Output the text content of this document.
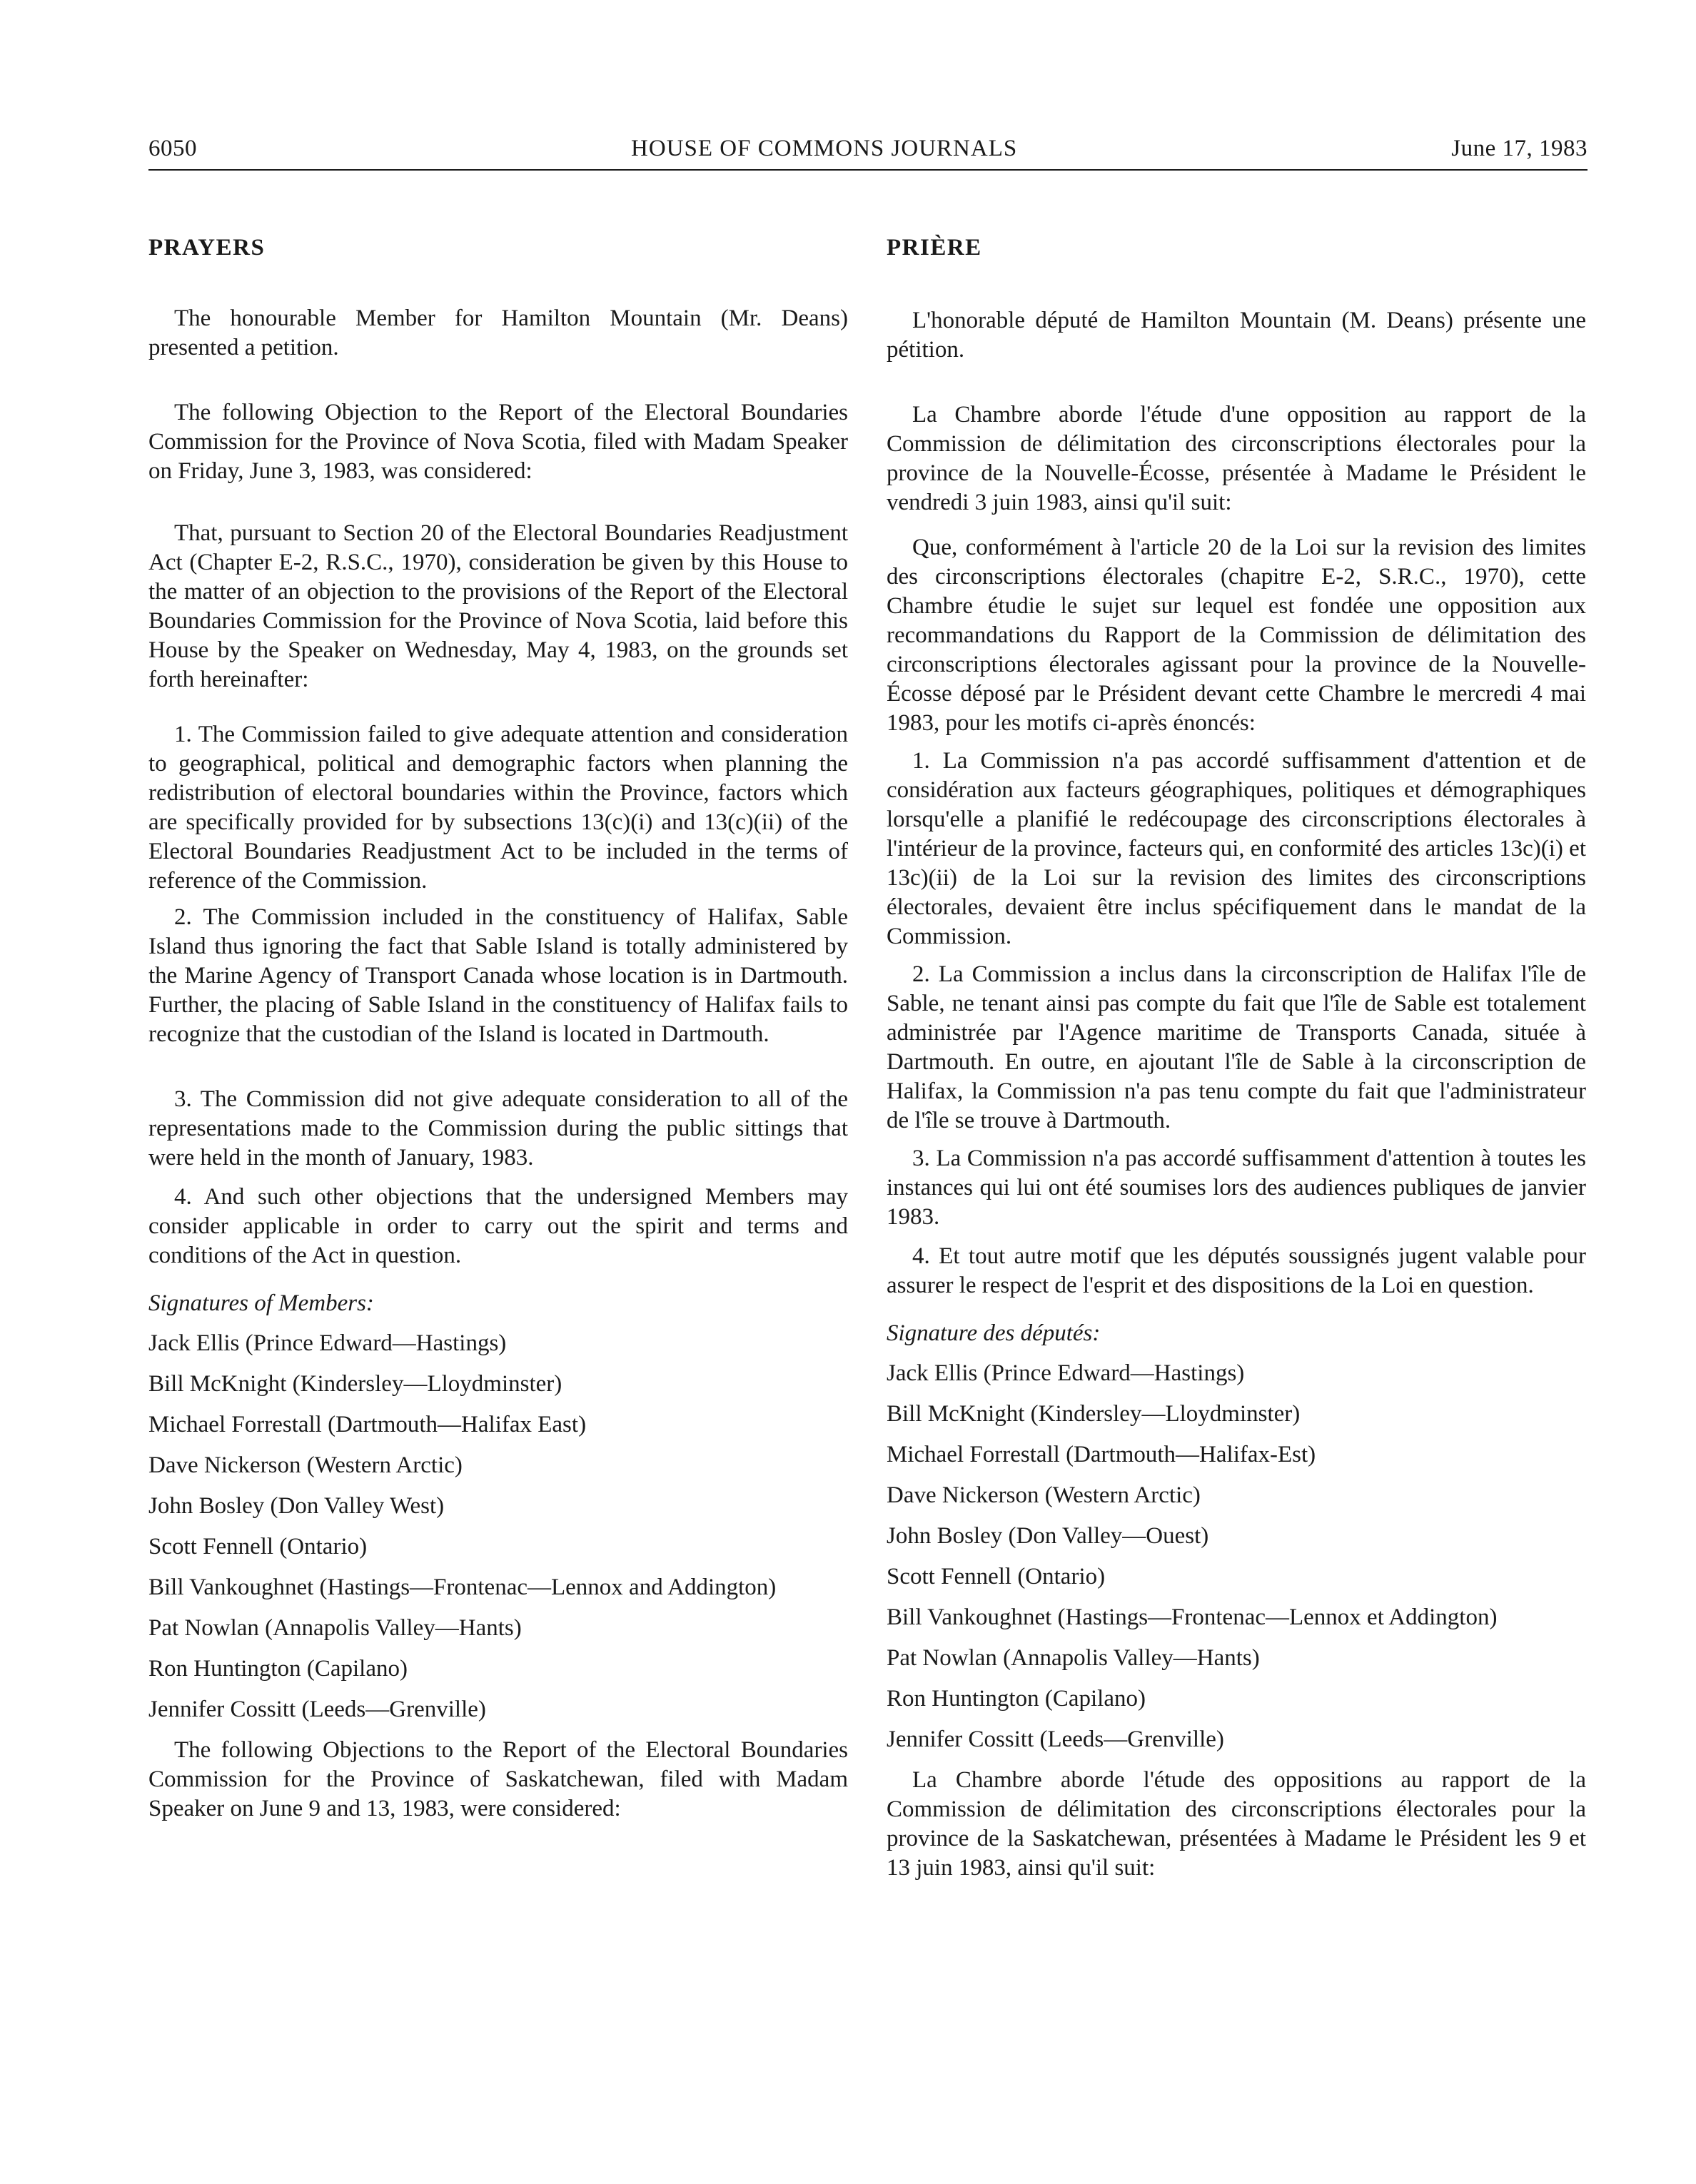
6050	HOUSE OF COMMONS JOURNALS	June 17, 1983
PRAYERS

The honourable Member for Hamilton Mountain (Mr. Deans) presented a petition.

The following Objection to the Report of the Electoral Boundaries Commission for the Province of Nova Scotia, filed with Madam Speaker on Friday, June 3, 1983, was considered:

That, pursuant to Section 20 of the Electoral Boundaries Readjustment Act (Chapter E-2, R.S.C., 1970), consideration be given by this House to the matter of an objection to the provisions of the Report of the Electoral Boundaries Commission for the Province of Nova Scotia, laid before this House by the Speaker on Wednesday, May 4, 1983, on the grounds set forth hereinafter:

1. The Commission failed to give adequate attention and consideration to geographical, political and demographic factors when planning the redistribution of electoral boundaries within the Province, factors which are specifically provided for by subsections 13(c)(i) and 13(c)(ii) of the Electoral Boundaries Readjustment Act to be included in the terms of reference of the Commission.

2. The Commission included in the constituency of Halifax, Sable Island thus ignoring the fact that Sable Island is totally administered by the Marine Agency of Transport Canada whose location is in Dartmouth. Further, the placing of Sable Island in the constituency of Halifax fails to recognize that the custodian of the Island is located in Dartmouth.

3. The Commission did not give adequate consideration to all of the representations made to the Commission during the public sittings that were held in the month of January, 1983.

4. And such other objections that the undersigned Members may consider applicable in order to carry out the spirit and terms and conditions of the Act in question.

Signatures of Members:

Jack Ellis (Prince Edward—Hastings)

Bill McKnight (Kindersley—Lloydminster)

Michael Forrestall (Dartmouth—Halifax East)

Dave Nickerson (Western Arctic)

John Bosley (Don Valley West)

Scott Fennell (Ontario)

Bill Vankoughnet (Hastings—Frontenac—Lennox and Addington)

Pat Nowlan (Annapolis Valley—Hants)

Ron Huntington (Capilano)

Jennifer Cossitt (Leeds—Grenville)

The following Objections to the Report of the Electoral Boundaries Commission for the Province of Saskatchewan, filed with Madam Speaker on June 9 and 13, 1983, were considered:

PRIÈRE

L'honorable député de Hamilton Mountain (M. Deans) présente une pétition.

La Chambre aborde l'étude d'une opposition au rapport de la Commission de délimitation des circonscriptions électorales pour la province de la Nouvelle-Écosse, présentée à Madame le Président le vendredi 3 juin 1983, ainsi qu'il suit:

Que, conformément à l'article 20 de la Loi sur la revision des limites des circonscriptions électorales (chapitre E-2, S.R.C., 1970), cette Chambre étudie le sujet sur lequel est fondée une opposition aux recommandations du Rapport de la Commission de délimitation des circonscriptions électorales agissant pour la province de la Nouvelle-Écosse déposé par le Président devant cette Chambre le mercredi 4 mai 1983, pour les motifs ci-après énoncés:

1. La Commission n'a pas accordé suffisamment d'attention et de considération aux facteurs géographiques, politiques et démographiques lorsqu'elle a planifié le redécoupage des circonscriptions électorales à l'intérieur de la province, facteurs qui, en conformité des articles 13c)(i) et 13c)(ii) de la Loi sur la revision des limites des circonscriptions électorales, devaient être inclus spécifiquement dans le mandat de la Commission.

2. La Commission a inclus dans la circonscription de Halifax l'île de Sable, ne tenant ainsi pas compte du fait que l'île de Sable est totalement administrée par l'Agence maritime de Transports Canada, située à Dartmouth. En outre, en ajoutant l'île de Sable à la circonscription de Halifax, la Commission n'a pas tenu compte du fait que l'administrateur de l'île se trouve à Dartmouth.

3. La Commission n'a pas accordé suffisamment d'attention à toutes les instances qui lui ont été soumises lors des audiences publiques de janvier 1983.

4. Et tout autre motif que les députés soussignés jugent valable pour assurer le respect de l'esprit et des dispositions de la Loi en question.

Signature des députés:

Jack Ellis (Prince Edward—Hastings)

Bill McKnight (Kindersley—Lloydminster)

Michael Forrestall (Dartmouth—Halifax-Est)

Dave Nickerson (Western Arctic)

John Bosley (Don Valley—Ouest)

Scott Fennell (Ontario)

Bill Vankoughnet (Hastings—Frontenac—Lennox et Addington)

Pat Nowlan (Annapolis Valley—Hants)

Ron Huntington (Capilano)

Jennifer Cossitt (Leeds—Grenville)

La Chambre aborde l'étude des oppositions au rapport de la Commission de délimitation des circonscriptions électorales pour la province de la Saskatchewan, présentées à Madame le Président les 9 et 13 juin 1983, ainsi qu'il suit:
